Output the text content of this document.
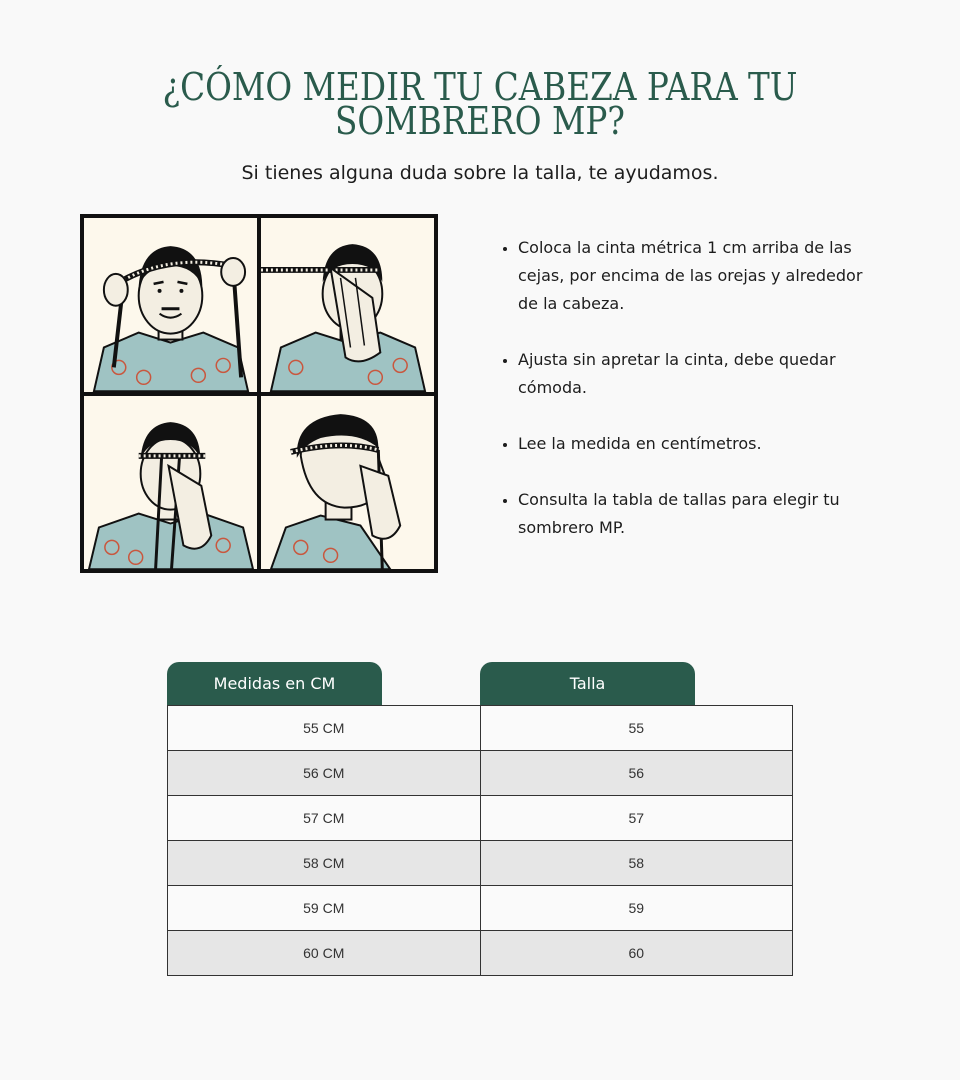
¿CÓMO MEDIR TU CABEZA PARA TU
SOMBRERO MP?

Si tienes alguna duda sobre la talla, te ayudamos.

• Coloca la cinta métrica 1 cm arriba de las cejas, por encima de las orejas y alrededor de la cabeza.
• Ajusta sin apretar la cinta, debe quedar cómoda.
• Lee la medida en centímetros.
• Consulta la tabla de tallas para elegir tu sombrero MP.
Medidas en CM	Talla
55 CM	55
56 CM	56
57 CM	57
58 CM	58
59 CM	59
60 CM	60
